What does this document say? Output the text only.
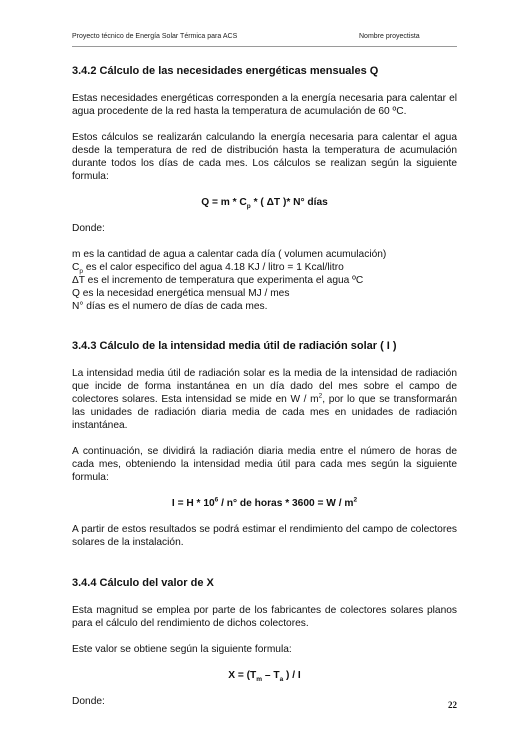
Proyecto técnico de Energía Solar Térmica para ACS	Nombre proyectista
3.4.2 Cálculo de las necesidades energéticas mensuales Q

Estas necesidades energéticas corresponden a la energía necesaria para calentar el agua procedente de la red hasta la temperatura de acumulación de 60 ºC.

Estos cálculos se realizarán calculando la energía necesaria para calentar el agua desde la temperatura de red de distribución hasta la temperatura de acumulación durante todos los días de cada mes. Los cálculos se realizan según la siguiente formula:

$Q = m * C_p$ * ( ΔT )* N° días

Donde:

m es la cantidad de agua a calentar cada día ( volumen acumulación)

$C_p$ es el calor especifico del agua 4.18 KJ / litro = 1 Kcal/litro

ΔT es el incremento de temperatura que experimenta el agua ºC

Q es la necesidad energética mensual MJ / mes

N° días es el numero de días de cada mes.

3.4.3 Cálculo de la intensidad media útil de radiación solar ( I )

La intensidad media útil de radiación solar es la media de la intensidad de radiación que incide de forma instantánea en un día dado del mes sobre el campo de colectores solares. Esta intensidad se mide en W / $m^2$, por lo que se transformarán las unidades de radiación diaria media de cada mes en unidades de radiación instantánea.

A continuación, se dividirá la radiación diaria media entre el número de horas de cada mes, obteniendo la intensidad media útil para cada mes según la siguiente formula:

$I = H * 10^6 / n^\circ$ de horas * $3600 = W / m^2$

A partir de estos resultados se podrá estimar el rendimiento del campo de colectores solares de la instalación.

3.4.4 Cálculo del valor de X

Esta magnitud se emplea por parte de los fabricantes de colectores solares planos para el cálculo del rendimiento de dichos colectores.

Este valor se obtiene según la siguiente formula:

$X = (T_m - T_a$ ) / I

Donde:	22
